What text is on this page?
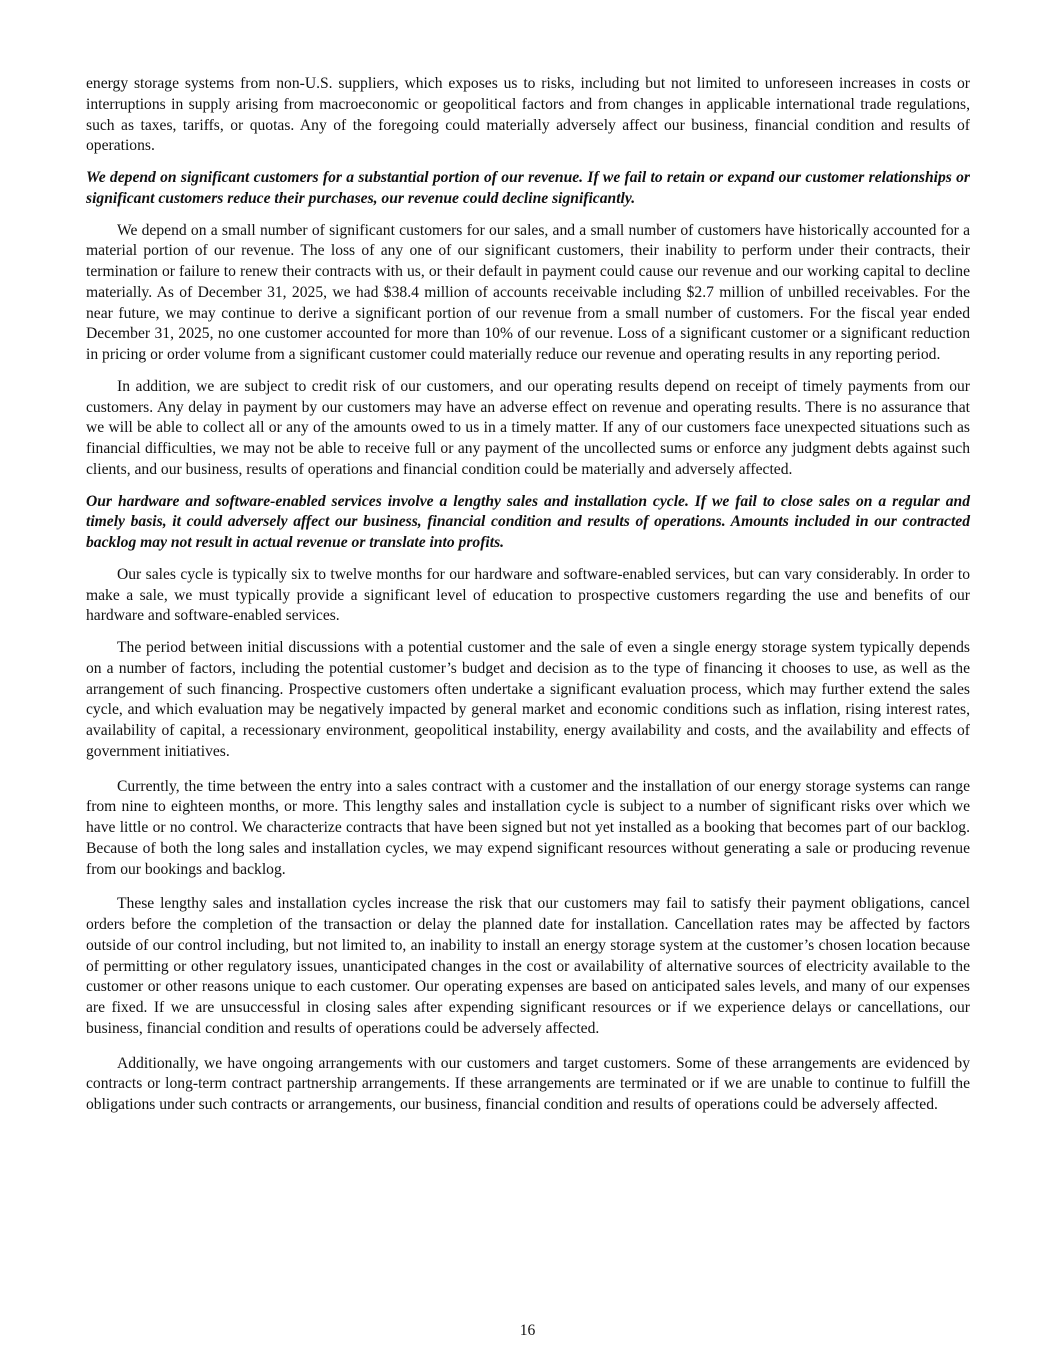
energy storage systems from non-U.S. suppliers, which exposes us to risks, including but not limited to unforeseen increases in costs or interruptions in supply arising from macroeconomic or geopolitical factors and from changes in applicable international trade regulations, such as taxes, tariffs, or quotas. Any of the foregoing could materially adversely affect our business, financial condition and results of operations.

We depend on significant customers for a substantial portion of our revenue. If we fail to retain or expand our customer relationships or significant customers reduce their purchases, our revenue could decline significantly.

We depend on a small number of significant customers for our sales, and a small number of customers have historically accounted for a material portion of our revenue. The loss of any one of our significant customers, their inability to perform under their contracts, their termination or failure to renew their contracts with us, or their default in payment could cause our revenue and our working capital to decline materially. As of December 31, 2025, we had $38.4 million of accounts receivable including $2.7 million of unbilled receivables. For the near future, we may continue to derive a significant portion of our revenue from a small number of customers. For the fiscal year ended December 31, 2025, no one customer accounted for more than 10% of our revenue. Loss of a significant customer or a significant reduction in pricing or order volume from a significant customer could materially reduce our revenue and operating results in any reporting period.

In addition, we are subject to credit risk of our customers, and our operating results depend on receipt of timely payments from our customers. Any delay in payment by our customers may have an adverse effect on revenue and operating results. There is no assurance that we will be able to collect all or any of the amounts owed to us in a timely matter. If any of our customers face unexpected situations such as financial difficulties, we may not be able to receive full or any payment of the uncollected sums or enforce any judgment debts against such clients, and our business, results of operations and financial condition could be materially and adversely affected.

Our hardware and software-enabled services involve a lengthy sales and installation cycle. If we fail to close sales on a regular and timely basis, it could adversely affect our business, financial condition and results of operations. Amounts included in our contracted backlog may not result in actual revenue or translate into profits.

Our sales cycle is typically six to twelve months for our hardware and software-enabled services, but can vary considerably. In order to make a sale, we must typically provide a significant level of education to prospective customers regarding the use and benefits of our hardware and software-enabled services.

The period between initial discussions with a potential customer and the sale of even a single energy storage system typically depends on a number of factors, including the potential customer’s budget and decision as to the type of financing it chooses to use, as well as the arrangement of such financing. Prospective customers often undertake a significant evaluation process, which may further extend the sales cycle, and which evaluation may be negatively impacted by general market and economic conditions such as inflation, rising interest rates, availability of capital, a recessionary environment, geopolitical instability, energy availability and costs, and the availability and effects of government initiatives.

Currently, the time between the entry into a sales contract with a customer and the installation of our energy storage systems can range from nine to eighteen months, or more. This lengthy sales and installation cycle is subject to a number of significant risks over which we have little or no control. We characterize contracts that have been signed but not yet installed as a booking that becomes part of our backlog. Because of both the long sales and installation cycles, we may expend significant resources without generating a sale or producing revenue from our bookings and backlog.

These lengthy sales and installation cycles increase the risk that our customers may fail to satisfy their payment obligations, cancel orders before the completion of the transaction or delay the planned date for installation. Cancellation rates may be affected by factors outside of our control including, but not limited to, an inability to install an energy storage system at the customer’s chosen location because of permitting or other regulatory issues, unanticipated changes in the cost or availability of alternative sources of electricity available to the customer or other reasons unique to each customer. Our operating expenses are based on anticipated sales levels, and many of our expenses are fixed. If we are unsuccessful in closing sales after expending significant resources or if we experience delays or cancellations, our business, financial condition and results of operations could be adversely affected.

Additionally, we have ongoing arrangements with our customers and target customers. Some of these arrangements are evidenced by contracts or long-term contract partnership arrangements. If these arrangements are terminated or if we are unable to continue to fulfill the obligations under such contracts or arrangements, our business, financial condition and results of operations could be adversely affected.

16
